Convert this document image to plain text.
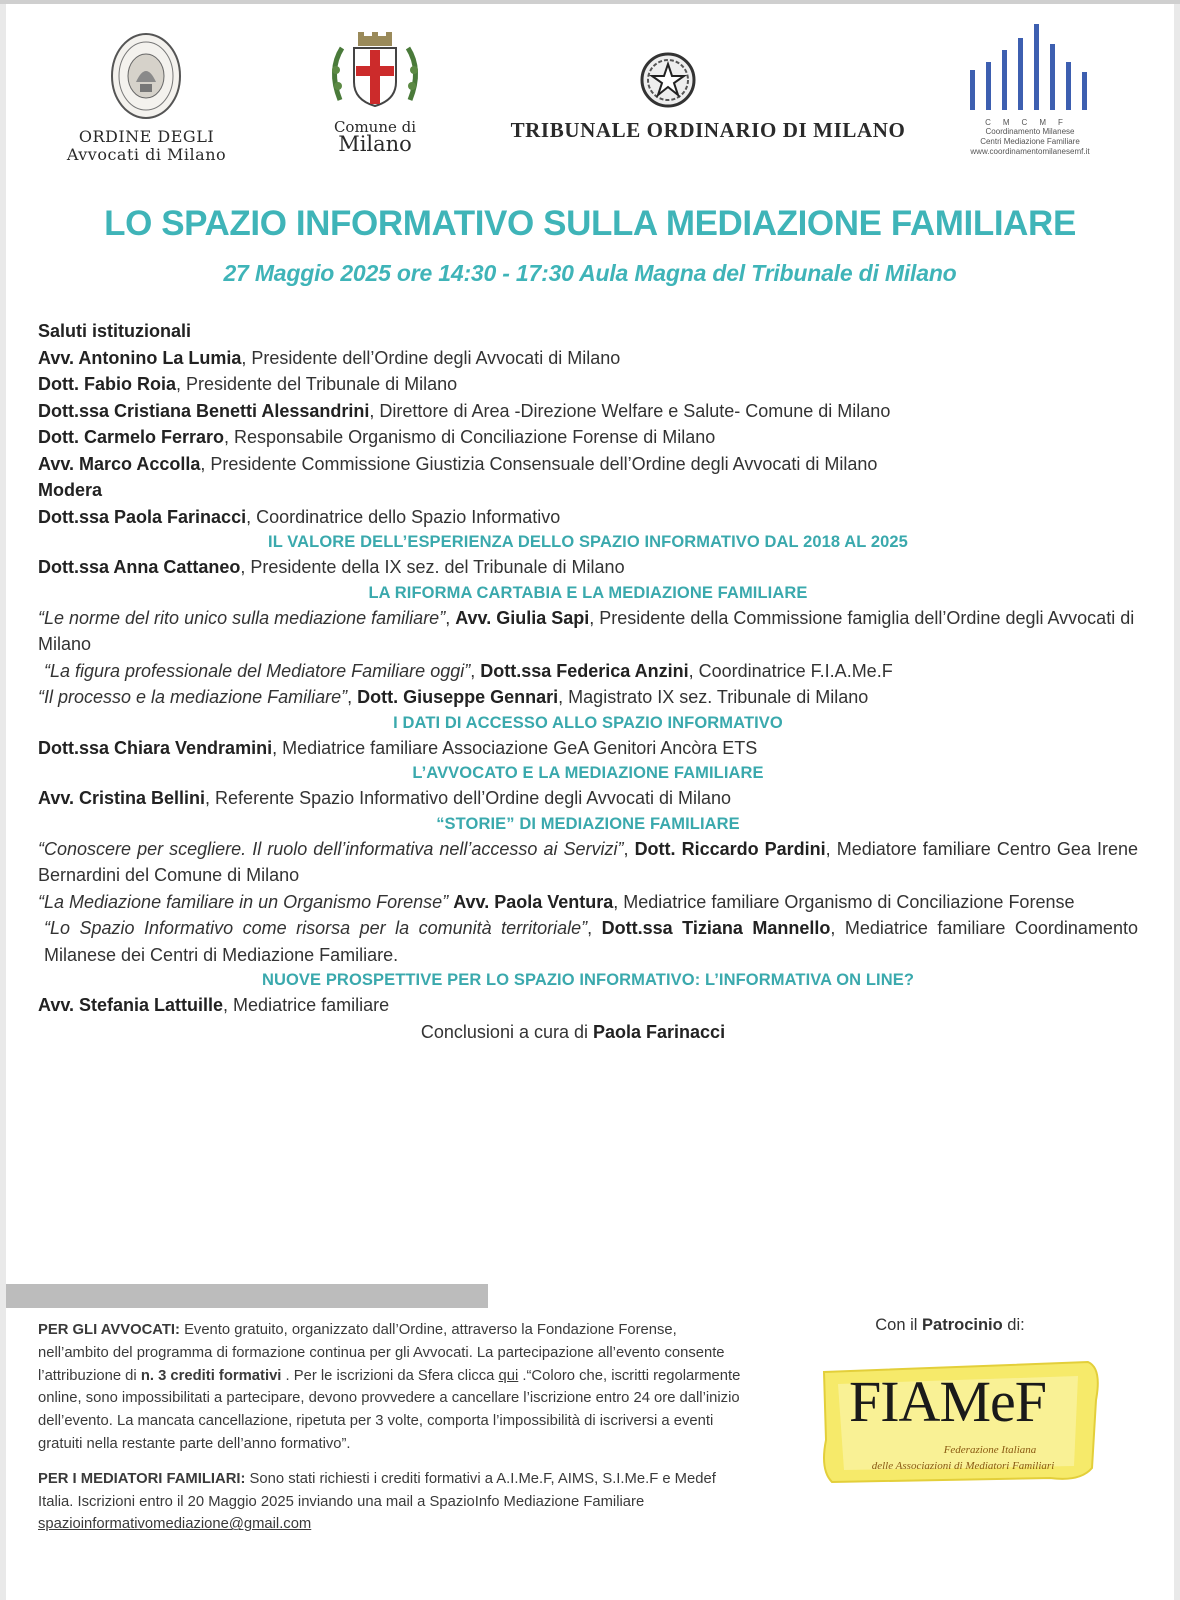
ORDINE DEGLI
Avvocati di Milano
Comune di
Milano
TRIBUNALE ORDINARIO DI MILANO	CMCMF
Coordinamento Milanese
Centri Mediazione Familiare
www.coordinamentomilanesemf.it
LO SPAZIO INFORMATIVO SULLA MEDIAZIONE FAMILIARE
27 Maggio 2025 ore 14:30 - 17:30 Aula Magna del Tribunale di Milano

Saluti istituzionali

Avv. Antonino La Lumia, Presidente dell’Ordine degli Avvocati di Milano

Dott. Fabio Roia, Presidente del Tribunale di Milano

Dott.ssa Cristiana Benetti Alessandrini, Direttore di Area -Direzione Welfare e Salute- Comune di Milano

Dott. Carmelo Ferraro, Responsabile Organismo di Conciliazione Forense di Milano

Avv. Marco Accolla, Presidente Commissione Giustizia Consensuale dell’Ordine degli Avvocati di Milano

Modera

Dott.ssa Paola Farinacci, Coordinatrice dello Spazio Informativo

IL VALORE DELL’ESPERIENZA DELLO SPAZIO INFORMATIVO DAL 2018 AL 2025

Dott.ssa Anna Cattaneo, Presidente della IX sez. del Tribunale di Milano

LA RIFORMA CARTABIA E LA MEDIAZIONE FAMILIARE

“Le norme del rito unico sulla mediazione familiare”, Avv. Giulia Sapi, Presidente della Commissione famiglia dell’Ordine degli Avvocati di Milano

“La figura professionale del Mediatore Familiare oggi”, Dott.ssa Federica Anzini, Coordinatrice F.I.A.Me.F

“Il processo e la mediazione Familiare”, Dott. Giuseppe Gennari, Magistrato IX sez. Tribunale di Milano

I DATI DI ACCESSO ALLO SPAZIO INFORMATIVO

Dott.ssa Chiara Vendramini, Mediatrice familiare Associazione GeA Genitori Ancòra ETS

L’AVVOCATO E LA MEDIAZIONE FAMILIARE

Avv. Cristina Bellini, Referente Spazio Informativo dell’Ordine degli Avvocati di Milano

“STORIE” DI MEDIAZIONE FAMILIARE

“Conoscere per scegliere. Il ruolo dell’informativa nell’accesso ai Servizi”, Dott. Riccardo Pardini, Mediatore familiare Centro Gea Irene Bernardini del Comune di Milano

“La Mediazione familiare in un Organismo Forense” Avv. Paola Ventura, Mediatrice familiare Organismo di Conciliazione Forense

“Lo Spazio Informativo come risorsa per la comunità territoriale”, Dott.ssa Tiziana Mannello, Mediatrice familiare Coordinamento Milanese dei Centri di Mediazione Familiare.

NUOVE PROSPETTIVE PER LO SPAZIO INFORMATIVO: L’INFORMATIVA ON LINE?

Avv. Stefania Lattuille, Mediatrice familiare

Conclusioni a cura di Paola Farinacci

PER GLI AVVOCATI: Evento gratuito, organizzato dall’Ordine, attraverso la Fondazione Forense, nell’ambito del programma di formazione continua per gli Avvocati. La partecipazione all’evento consente l’attribuzione di n. 3 crediti formativi . Per le iscrizioni da Sfera clicca qui .“Coloro che, iscritti regolarmente online, sono impossibilitati a partecipare, devono provvedere a cancellare l’iscrizione entro 24 ore dall’inizio dell’evento. La mancata cancellazione, ripetuta per 3 volte, comporta l’impossibilità di iscriversi a eventi gratuiti nella restante parte dell’anno formativo”.

PER I MEDIATORI FAMILIARI: Sono stati richiesti i crediti formativi a A.I.Me.F, AIMS, S.I.Me.F e Medef Italia. Iscrizioni entro il 20 Maggio 2025 inviando una mail a SpazioInfo Mediazione Familiare spazioinformativomediazione@gmail.com

Con il Patrocinio di:
FIAMeF
Federazione Italiana
delle Associazioni di Mediatori Familiari
